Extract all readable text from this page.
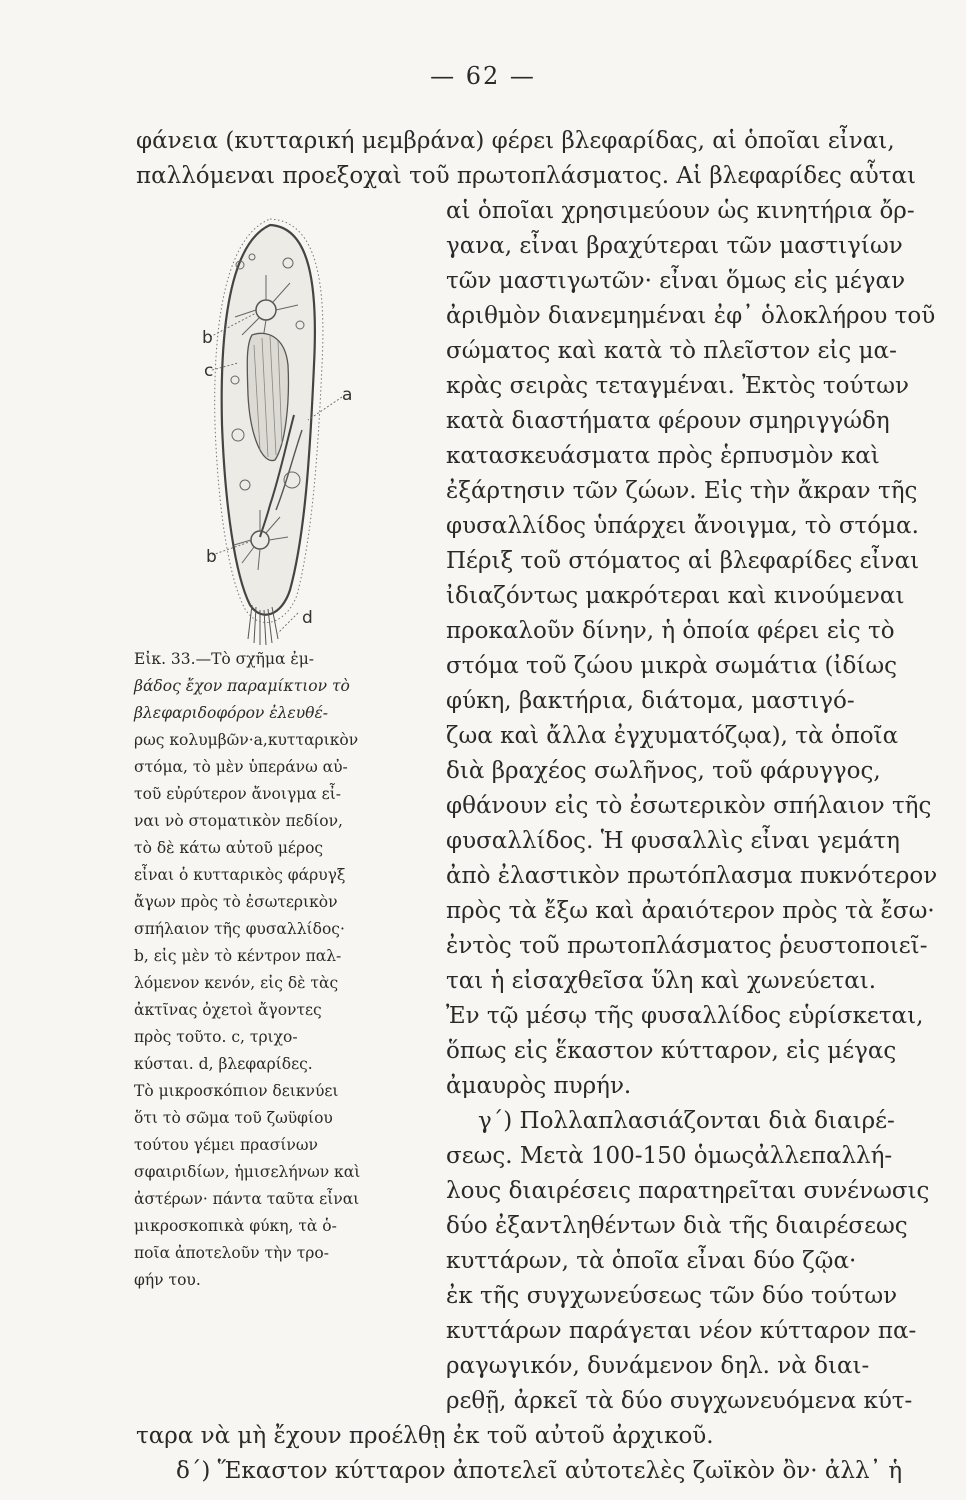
— 62 —
φάνεια (κυτταρική μεμβράνα) φέρει βλεφαρίδας, αἱ ὁποῖαι εἶναι,
παλλόμεναι προεξοχαὶ τοῦ πρωτοπλάσματος. Αἱ βλεφαρίδες αὗται
αἱ ὁποῖαι χρησιμεύουν ὡς κινητήρια ὄρ-
γανα, εἶναι βραχύτεραι τῶν μαστιγίων
τῶν μαστιγωτῶν· εἶναι ὅμως εἰς μέγαν
ἀριθμὸν διανεμημέναι ἐφ᾽ ὁλοκλήρου τοῦ
σώματος καὶ κατὰ τὸ πλεῖστον εἰς μα-
κρὰς σειρὰς τεταγμέναι. Ἐκτὸς τούτων
κατὰ διαστήματα φέρουν σμηριγγώδη
κατασκευάσματα πρὸς ἑρπυσμὸν καὶ
ἐξάρτησιν τῶν ζώων. Εἰς τὴν ἄκραν τῆς
φυσαλλίδος ὑπάρχει ἄνοιγμα, τὸ στόμα.
Πέριξ τοῦ στόματος αἱ βλεφαρίδες εἶναι
ἰδιαζόντως μακρότεραι καὶ κινούμεναι
προκαλοῦν δίνην, ἡ ὁποία φέρει εἰς τὸ
στόμα τοῦ ζώου μικρὰ σωμάτια (ἰδίως
φύκη, βακτήρια, διάτομα, μαστιγό-
ζωα καὶ ἄλλα ἐγχυματόζῳα), τὰ ὁποῖα
διὰ βραχέος σωλῆνος, τοῦ φάρυγγος,
φθάνουν εἰς τὸ ἐσωτερικὸν σπήλαιον τῆς
φυσαλλίδος. Ἡ φυσαλλὶς εἶναι γεμάτη
ἀπὸ ἐλαστικὸν πρωτόπλασμα πυκνότερον
πρὸς τὰ ἔξω καὶ ἀραιότερον πρὸς τὰ ἔσω·
ἐντὸς τοῦ πρωτοπλάσματος ῥευστοποιεῖ-
ται ἡ εἰσαχθεῖσα ὕλη καὶ χωνεύεται.
Ἐν τῷ μέσῳ τῆς φυσαλλίδος εὑρίσκεται,
ὅπως εἰς ἕκαστον κύτταρον, εἰς μέγας
ἀμαυρὸς πυρήν.
γ΄) Πολλαπλασιάζονται διὰ διαιρέ-
σεως. Μετὰ 100-150 ὁμωςἀλλεπαλλή-
λους διαιρέσεις παρατηρεῖται συνένωσις
δύο ἐξαντληθέντων διὰ τῆς διαιρέσεως
κυττάρων, τὰ ὁποῖα εἶναι δύο ζῷα·
ἐκ τῆς συγχωνεύσεως τῶν δύο τούτων
κυττάρων παράγεται νέον κύτταρον πα-
ραγωγικόν, δυνάμενον δηλ. νὰ διαι-
ρεθῇ, ἀρκεῖ τὰ δύο συγχωνευόμενα κύτ-
ταρα νὰ μὴ ἔχουν προέλθῃ ἐκ τοῦ αὐτοῦ ἀρχικοῦ.
δ΄) Ἕκαστον κύτταρον ἀποτελεῖ αὐτοτελὲς ζωϊκὸν ὂν· ἀλλ᾽ ἡ
b
c
a
b
d
Εἰκ. 33.—Τὸ σχῆμα ἐμ-
βάδος ἔχον παραμίκτιον τὸ
βλεφαριδοφόρον ἐλευθέ-
ρως κολυμβῶν·a,κυτταρικὸν
στόμα, τὸ μὲν ὑπεράνω αὐ-
τοῦ εὐρύτερον ἄνοιγμα εἶ-
ναι νὸ στοματικὸν πεδίον,
τὸ δὲ κάτω αὐτοῦ μέρος
εἶναι ὁ κυτταρικὸς φάρυγξ
ἄγων πρὸς τὸ ἐσωτερικὸν
σπήλαιον τῆς φυσαλλίδος·
b, εἰς μὲν τὸ κέντρον παλ-
λόμενον κενόν, εἰς δὲ τὰς
ἀκτῖνας ὀχετοὶ ἄγοντες
πρὸς τοῦτο. c, τριχο-
κύσται. d, βλεφαρίδες.
Τὸ μικροσκόπιον δεικνύει
ὅτι τὸ σῶμα τοῦ ζωϋφίου
τούτου γέμει πρασίνων
σφαιριδίων, ἡμισελήνων καὶ
ἀστέρων· πάντα ταῦτα εἶναι
μικροσκοπικὰ φύκη, τὰ ὁ-
ποῖα ἀποτελοῦν τὴν τρο-
φήν του.
